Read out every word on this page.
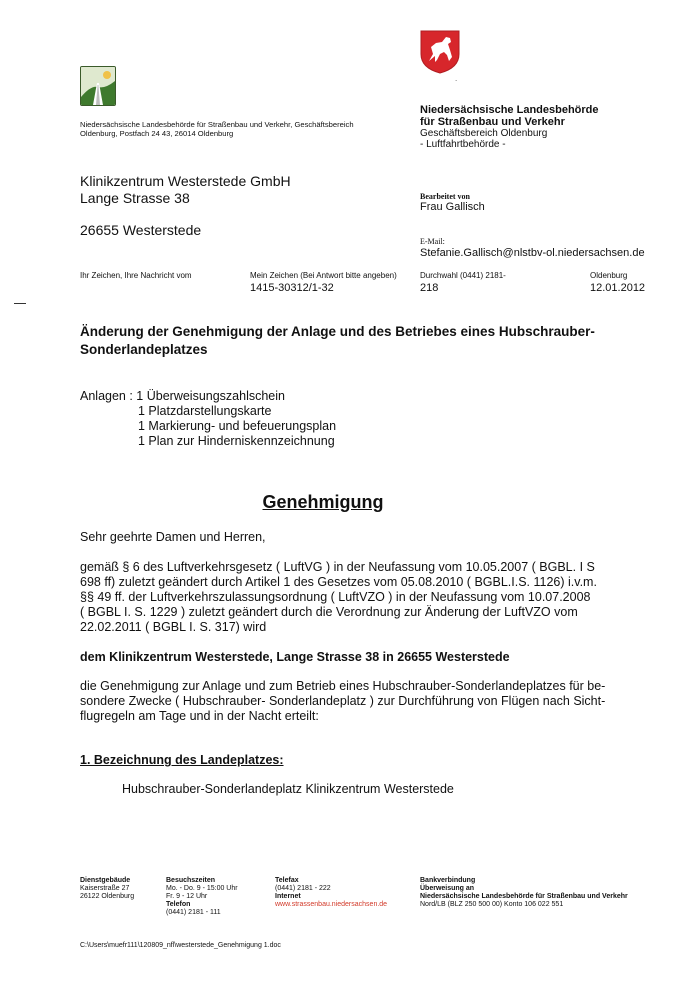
.
Niedersächsische Landesbehörde für Straßenbau und Verkehr, Geschäftsbereich Oldenburg, Postfach 24 43, 26014 Oldenburg
Niedersächsische Landesbehörde
für Straßenbau und Verkehr
Geschäftsbereich Oldenburg
- Luftfahrtbehörde -
Klinikzentrum Westerstede GmbH
Lange Strasse 38
26655 Westerstede
Bearbeitet von
Frau Gallisch
E-Mail:
Stefanie.Gallisch@nlstbv-ol.niedersachsen.de
Ihr Zeichen, Ihre Nachricht vom	Mein Zeichen (Bei Antwort bitte angeben)
1415-30312/1-32
Durchwahl (0441) 2181-
218
Oldenburg
12.01.2012
Änderung der Genehmigung der Anlage und des Betriebes eines Hubschrauber-
Sonderlandeplatzes
Anlagen : 1 Überweisungszahlschein
1 Platzdarstellungskarte
1 Markierung- und befeuerungsplan
1 Plan zur Hinderniskennzeichnung
Genehmigung
Sehr geehrte Damen und Herren,
gemäß § 6 des Luftverkehrsgesetz ( LuftVG ) in der Neufassung vom 10.05.2007 ( BGBL. I S
698 ff) zuletzt geändert durch Artikel 1 des Gesetzes vom 05.08.2010 ( BGBL.I.S. 1126) i.v.m.
§§ 49 ff. der Luftverkehrszulassungsordnung ( LuftVZO ) in der Neufassung vom 10.07.2008
( BGBL I. S. 1229 ) zuletzt geändert durch die Verordnung zur Änderung der LuftVZO vom
22.02.2011 ( BGBL I. S. 317) wird
dem Klinikzentrum Westerstede, Lange Strasse 38 in 26655 Westerstede
die Genehmigung zur Anlage und zum Betrieb eines Hubschrauber-Sonderlandeplatzes für be-
sondere Zwecke ( Hubschrauber- Sonderlandeplatz ) zur Durchführung von Flügen nach Sicht-
flugregeln am Tage und in der Nacht erteilt:
1. Bezeichnung des Landeplatzes:
Hubschrauber-Sonderlandeplatz Klinikzentrum Westerstede
Dienstgebäude
Kaiserstraße 27
26122 Oldenburg
Besuchszeiten
Mo. - Do. 9 - 15:00 Uhr
Fr. 9 - 12 Uhr
Telefon
(0441) 2181 - 111
Telefax
(0441) 2181 - 222
Internet
www.strassenbau.niedersachsen.de
Bankverbindung
Überweisung an
Niedersächsische Landesbehörde für Straßenbau und Verkehr
Nord/LB (BLZ 250 500 00) Konto 106 022 551
C:\Users\muefr111\120809_nfl\westerstede_Genehmigung 1.doc
